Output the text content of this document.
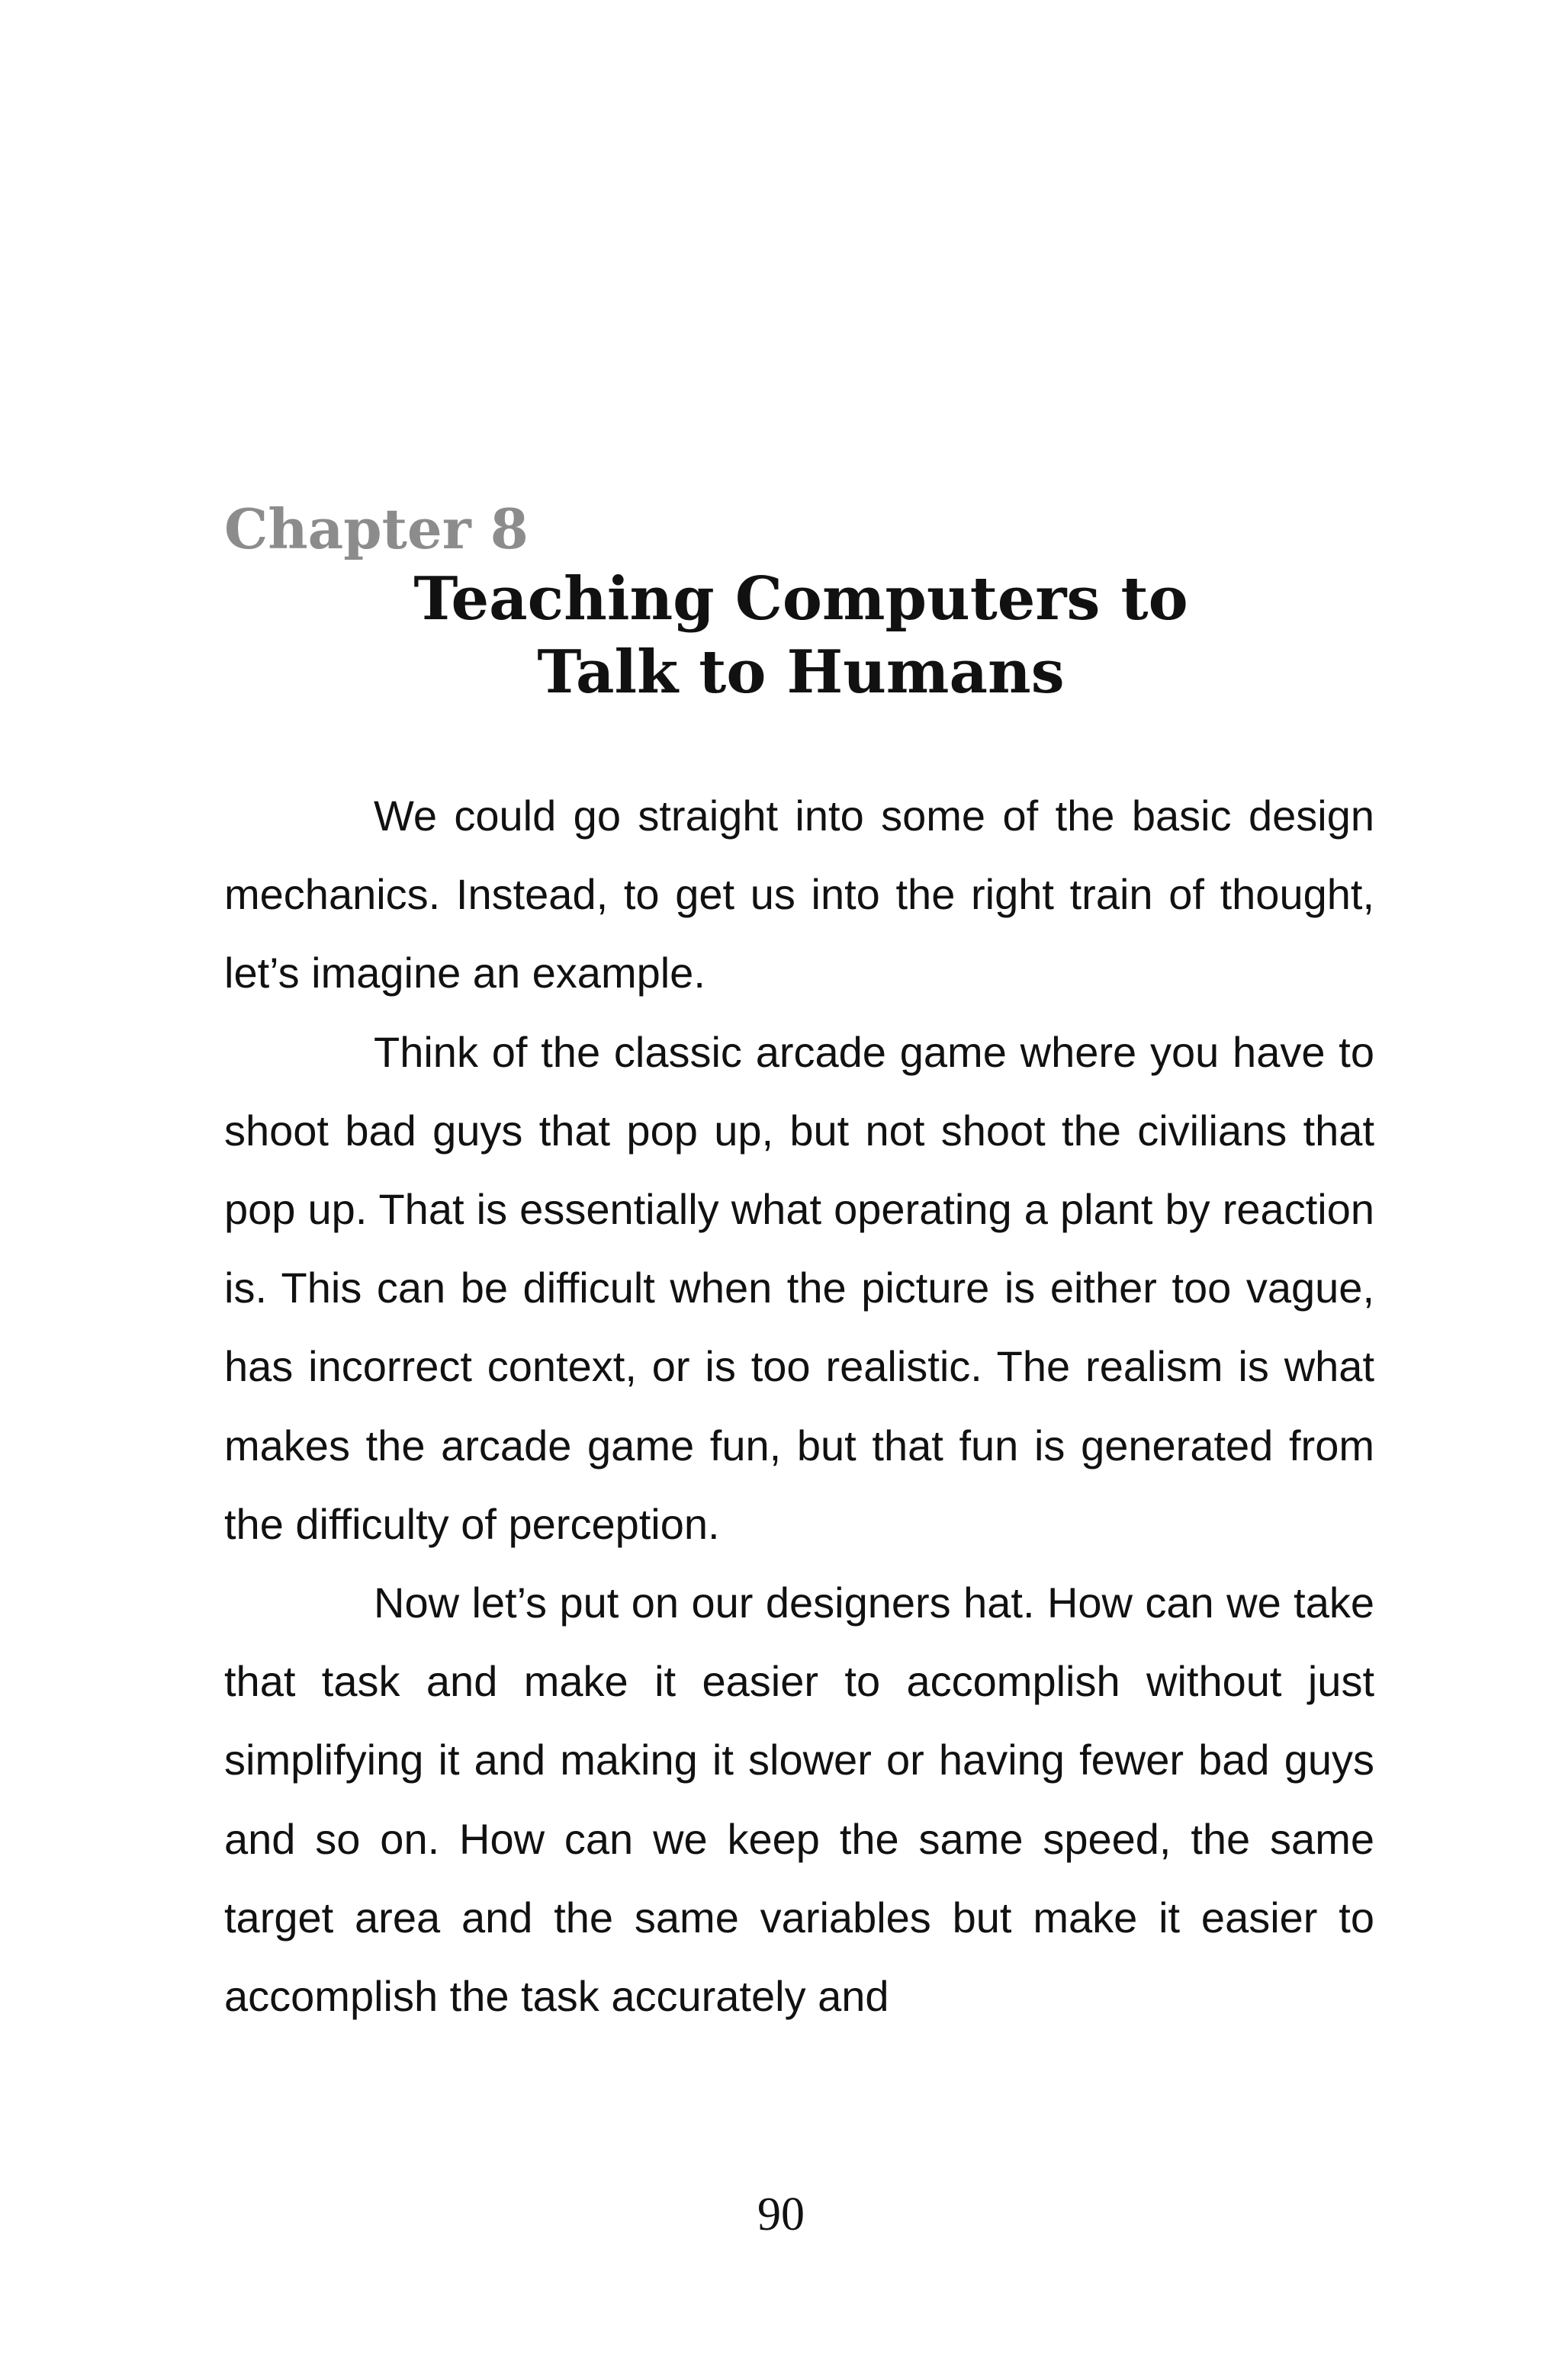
Chapter 8
Teaching Computers to
Talk to Humans

We could go straight into some of the basic design mechanics. Instead, to get us into the right train of thought, let’s imagine an example.

Think of the classic arcade game where you have to shoot bad guys that pop up, but not shoot the civilians that pop up. That is essentially what operating a plant by reaction is. This can be difficult when the picture is either too vague, has incorrect context, or is too realistic. The realism is what makes the arcade game fun, but that fun is generated from the difficulty of perception.

Now let’s put on our designers hat. How can we take that task and make it easier to accomplish without just simplifying it and making it slower or having fewer bad guys and so on. How can we keep the same speed, the same target area and the same variables but make it easier to accomplish the task accurately and

90
